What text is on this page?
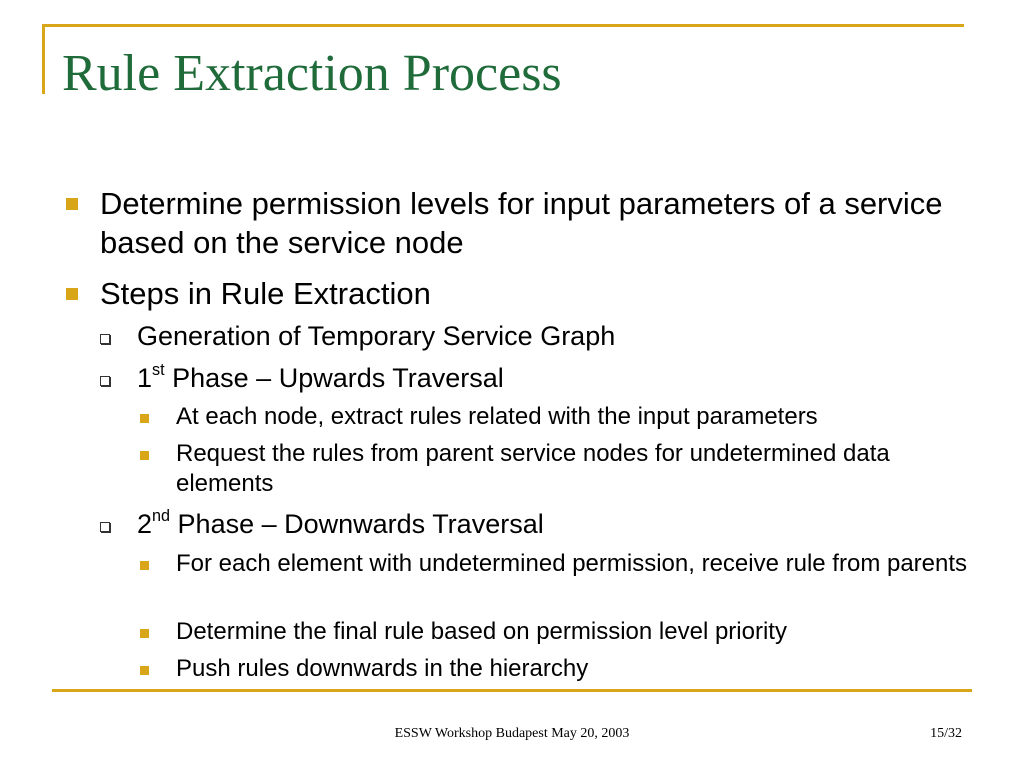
Rule Extraction Process
Determine permission levels for input parameters of a service based on the service node
Steps in Rule Extraction
Generation of Temporary Service Graph
1st Phase – Upwards Traversal
At each node, extract rules related with the input parameters
Request the rules from parent service nodes for undetermined data elements
2nd Phase – Downwards Traversal
For each element with undetermined permission, receive rule from parents
Determine the final rule based on permission level priority
Push rules downwards in the hierarchy
ESSW Workshop Budapest May 20, 2003	15/32
